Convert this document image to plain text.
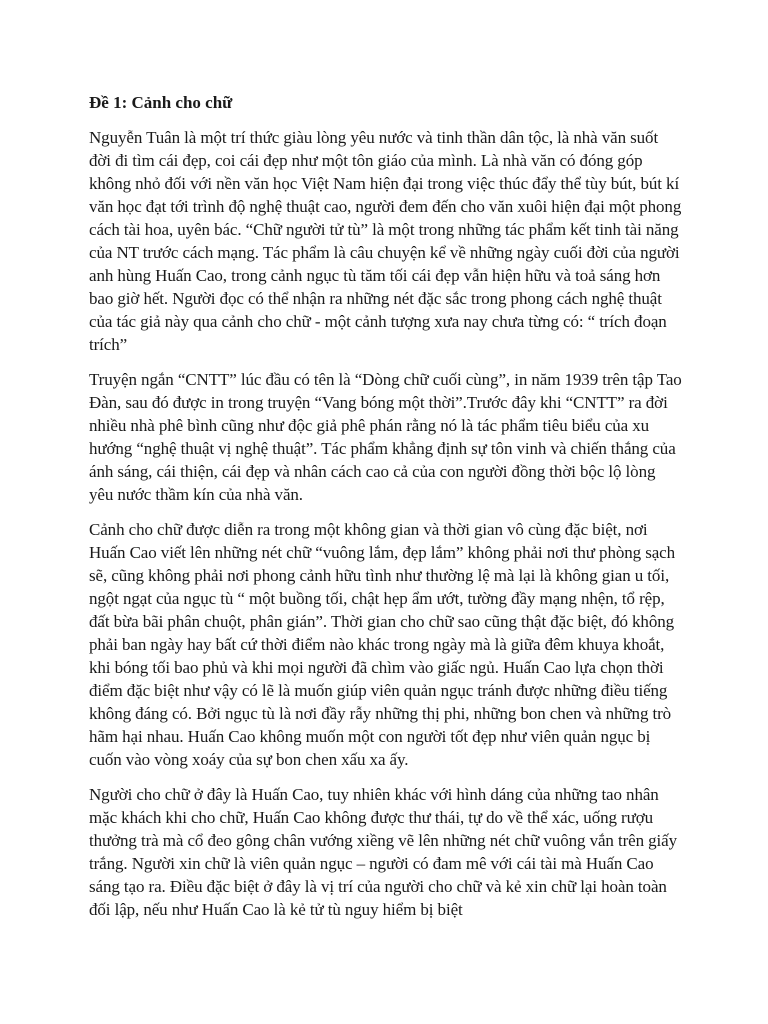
Đề 1: Cảnh cho chữ

Nguyễn Tuân là một trí thức giàu lòng yêu nước và tinh thần dân tộc, là nhà văn suốt đời đi tìm cái đẹp, coi cái đẹp như một tôn giáo của mình. Là nhà văn có đóng góp không nhỏ đối với nền văn học Việt Nam hiện đại trong việc thúc đẩy thể tùy bút, bút kí văn học đạt tới trình độ nghệ thuật cao, người đem đến cho văn xuôi hiện đại một phong cách tài hoa, uyên bác. “Chữ người tử tù” là một trong những tác phẩm kết tinh tài năng của NT trước cách mạng. Tác phẩm là câu chuyện kể về những ngày cuối đời của người anh hùng Huấn Cao, trong cảnh ngục tù tăm tối cái đẹp vẫn hiện hữu và toả sáng hơn bao giờ hết. Người đọc có thể nhận ra những nét đặc sắc trong phong cách nghệ thuật của tác giả này qua cảnh cho chữ - một cảnh tượng xưa nay chưa từng có: “ trích đoạn trích”

Truyện ngắn “CNTT” lúc đầu có tên là “Dòng chữ cuối cùng”, in năm 1939 trên tập Tao Đàn, sau đó được in trong truyện “Vang bóng một thời”.Trước đây khi “CNTT” ra đời nhiều nhà phê bình cũng như độc giả phê phán rằng nó là tác phẩm tiêu biểu của xu hướng “nghệ thuật vị nghệ thuật”. Tác phẩm khẳng định sự tôn vinh và chiến thắng của ánh sáng, cái thiện, cái đẹp và nhân cách cao cả của con người đồng thời bộc lộ lòng yêu nước thầm kín của nhà văn.

Cảnh cho chữ được diễn ra trong một không gian và thời gian vô cùng đặc biệt, nơi Huấn Cao viết lên những nét chữ “vuông lắm, đẹp lắm” không phải nơi thư phòng sạch sẽ, cũng không phải nơi phong cảnh hữu tình như thường lệ mà lại là không gian u tối, ngột ngạt của ngục tù “ một buồng tối, chật hẹp ẩm ướt, tường đầy mạng nhện, tổ rệp, đất bừa bãi phân chuột, phân gián”. Thời gian cho chữ sao cũng thật đặc biệt, đó không phải ban ngày hay bất cứ thời điểm nào khác trong ngày mà là giữa đêm khuya khoắt, khi bóng tối bao phủ và khi mọi người đã chìm vào giấc ngủ. Huấn Cao lựa chọn thời điểm đặc biệt như vậy có lẽ là muốn giúp viên quản ngục tránh được những điều tiếng không đáng có. Bởi ngục tù là nơi đầy rẫy những thị phi, những bon chen và những trò hãm hại nhau. Huấn Cao không muốn một con người tốt đẹp như viên quản ngục bị cuốn vào vòng xoáy của sự bon chen xấu xa ấy.

Người cho chữ ở đây là Huấn Cao, tuy nhiên khác với hình dáng của những tao nhân mặc khách khi cho chữ, Huấn Cao không được thư thái, tự do về thể xác, uống rượu thưởng trà mà cổ đeo gông chân vướng xiềng vẽ lên những nét chữ vuông vắn trên giấy trắng. Người xin chữ là viên quản ngục – người có đam mê với cái tài mà Huấn Cao sáng tạo ra. Điều đặc biệt ở đây là vị trí của người cho chữ và kẻ xin chữ lại hoàn toàn đối lập, nếu như Huấn Cao là kẻ tử tù nguy hiểm bị biệt
